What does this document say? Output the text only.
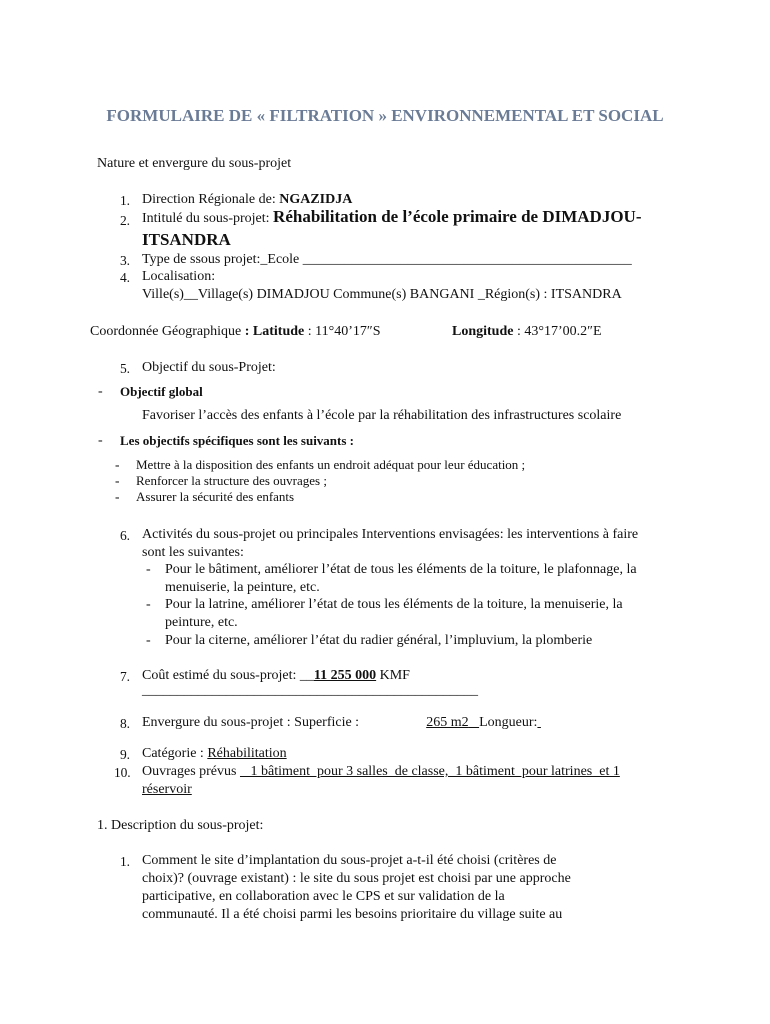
FORMULAIRE DE « FILTRATION » ENVIRONNEMENTAL ET SOCIAL
Nature et envergure du sous-projet
1. Direction Régionale de: NGAZIDJA
2. Intitulé du sous-projet: Réhabilitation de l’école primaire de DIMADJOU-
ITSANDRA
3. Type de ssous projet:_Ecole _______________________________________________
4. Localisation:
Ville(s)__Village(s) DIMADJOU Commune(s) BANGANI _Région(s) : ITSANDRA
Coordonnée Géographique : Latitude : 11°40’17″S	Longitude : 43°17’00.2″E
5. Objectif du sous-Projet:
- Objectif global
Favoriser l’accès des enfants à l’école par la réhabilitation des infrastructures scolaire
- Les objectifs spécifiques sont les suivants :
- Mettre à la disposition des enfants un endroit adéquat pour leur éducation ;
- Renforcer la structure des ouvrages ;
- Assurer la sécurité des enfants
6. Activités du sous-projet ou principales Interventions envisagées: les interventions à faire
sont les suivantes:
- Pour le bâtiment, améliorer l’état de tous les éléments de la toiture, le plafonnage, la
menuiserie, la peinture, etc.
- Pour la latrine, améliorer l’état de tous les éléments de la toiture, la menuiserie, la
peinture, etc.
- Pour la citerne, améliorer l’état du radier général, l’impluvium, la plomberie
7. Coût estimé du sous-projet: __11 255 000 KMF
________________________________________________
8. Envergure du sous-projet : Superficie :	265 m2 Longueur:
9. Catégorie : Réhabilitation
10. Ouvrages prévus    1 bâtiment  pour 3 salles  de classe,  1 bâtiment  pour latrines  et 1
réservoir
1. Description du sous-projet:
1. Comment le site d’implantation du sous-projet a-t-il été choisi (critères de
choix)? (ouvrage existant) : le site du sous projet est choisi par une approche
participative, en collaboration avec le CPS et sur validation de la
communauté. Il a été choisi parmi les besoins prioritaire du village suite au
